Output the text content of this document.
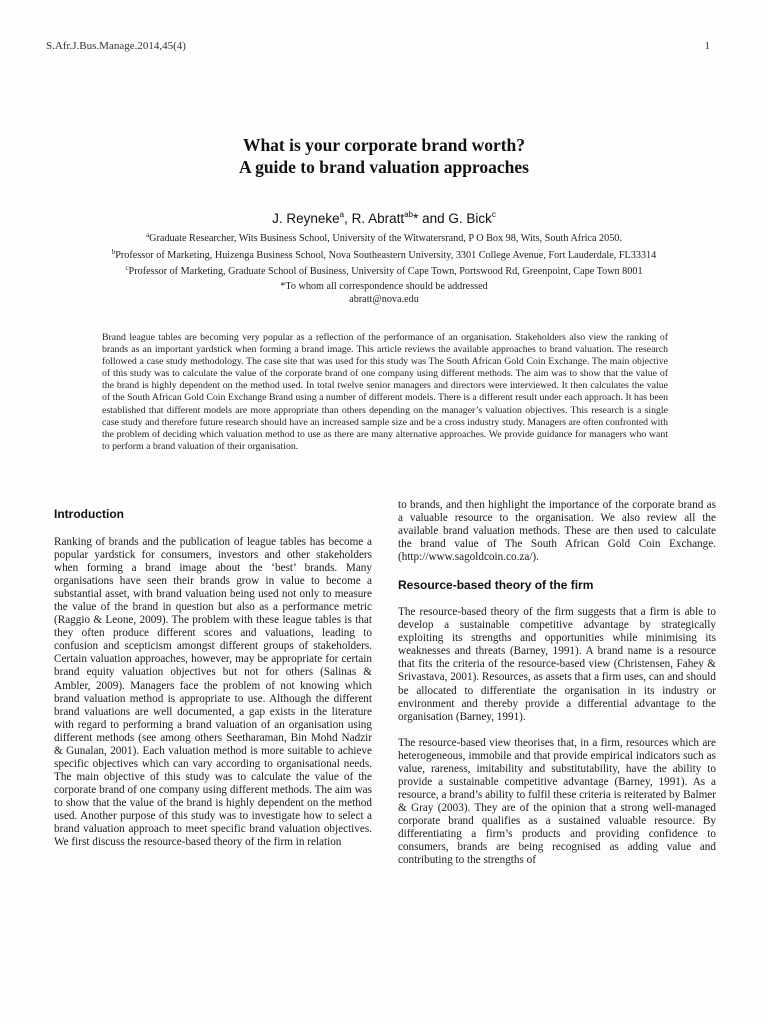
S.Afr.J.Bus.Manage.2014,45(4)	1
What is your corporate brand worth?
A guide to brand valuation approaches
J. Reyneke$^a$, R. Abratt$^{ab}$* and G. Bick$^c$
$^a$Graduate Researcher, Wits Business School, University of the Witwatersrand, P O Box 98, Wits, South Africa 2050.
$^b$Professor of Marketing, Huizenga Business School, Nova Southeastern University, 3301 College Avenue, Fort Lauderdale, FL33314
$^c$Professor of Marketing, Graduate School of Business, University of Cape Town, Portswood Rd, Greenpoint, Cape Town 8001
*To whom all correspondence should be addressed
abratt@nova.edu

Brand league tables are becoming very popular as a reflection of the performance of an organisation. Stakeholders also view the ranking of brands as an important yardstick when forming a brand image. This article reviews the available approaches to brand valuation. The research followed a case study methodology. The case site that was used for this study was The South African Gold Coin Exchange. The main objective of this study was to calculate the value of the corporate brand of one company using different methods. The aim was to show that the value of the brand is highly dependent on the method used. In total twelve senior managers and directors were interviewed. It then calculates the value of the South African Gold Coin Exchange Brand using a number of different models. There is a different result under each approach. It has been established that different models are more appropriate than others depending on the manager’s valuation objectives. This research is a single case study and therefore future research should have an increased sample size and be a cross industry study. Managers are often confronted with the problem of deciding which valuation method to use as there are many alternative approaches. We provide guidance for managers who want to perform a brand valuation of their organisation.

Introduction

Ranking of brands and the publication of league tables has become a popular yardstick for consumers, investors and other stakeholders when forming a brand image about the ‘best’ brands. Many organisations have seen their brands grow in value to become a substantial asset, with brand valuation being used not only to measure the value of the brand in question but also as a performance metric (Raggio & Leone, 2009). The problem with these league tables is that they often produce different scores and valuations, leading to confusion and scepticism amongst different groups of stakeholders. Certain valuation approaches, however, may be appropriate for certain brand equity valuation objectives but not for others (Salinas & Ambler, 2009). Managers face the problem of not knowing which brand valuation method is appropriate to use. Although the different brand valuations are well documented, a gap exists in the literature with regard to performing a brand valuation of an organisation using different methods (see among others Seetharaman, Bin Mohd Nadzir & Gunalan, 2001). Each valuation method is more suitable to achieve specific objectives which can vary according to organisational needs. The main objective of this study was to calculate the value of the corporate brand of one company using different methods. The aim was to show that the value of the brand is highly dependent on the method used. Another purpose of this study was to investigate how to select a brand valuation approach to meet specific brand valuation objectives. We first discuss the resource-based theory of the firm in relation

to brands, and then highlight the importance of the corporate brand as a valuable resource to the organisation. We also review all the available brand valuation methods. These are then used to calculate the brand value of The South African Gold Coin Exchange. (http://www.sagoldcoin.co.za/).

Resource-based theory of the firm

The resource-based theory of the firm suggests that a firm is able to develop a sustainable competitive advantage by strategically exploiting its strengths and opportunities while minimising its weaknesses and threats (Barney, 1991). A brand name is a resource that fits the criteria of the resource-based view (Christensen, Fahey & Srivastava, 2001). Resources, as assets that a firm uses, can and should be allocated to differentiate the organisation in its industry or environment and thereby provide a differential advantage to the organisation (Barney, 1991).

The resource-based view theorises that, in a firm, resources which are heterogeneous, immobile and that provide empirical indicators such as value, rareness, imitability and substitutability, have the ability to provide a sustainable competitive advantage (Barney, 1991). As a resource, a brand’s ability to fulfil these criteria is reiterated by Balmer & Gray (2003). They are of the opinion that a strong well-managed corporate brand qualifies as a sustained valuable resource. By differentiating a firm’s products and providing confidence to consumers, brands are being recognised as adding value and contributing to the strengths of
